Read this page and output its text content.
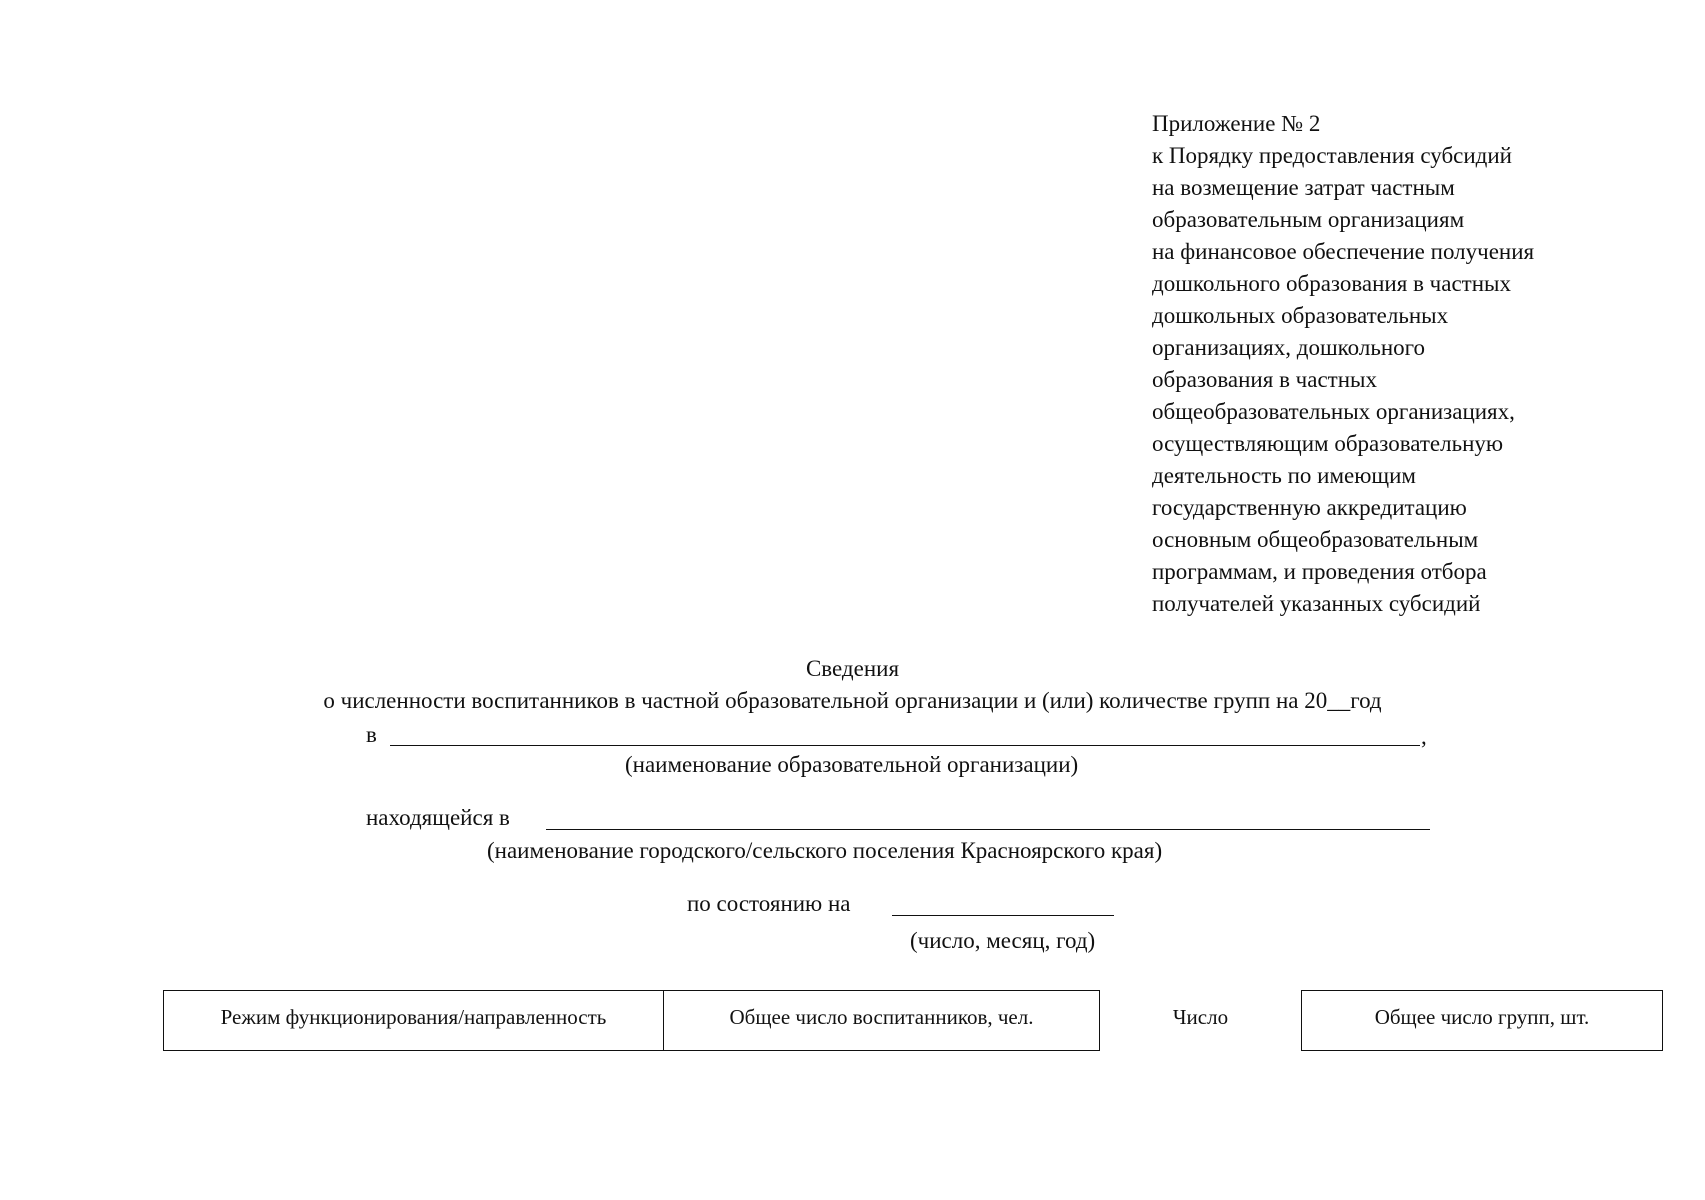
Приложение № 2
к Порядку предоставления субсидий
на возмещение затрат частным
образовательным организациям
на финансовое обеспечение получения
дошкольного образования в частных
дошкольных образовательных
организациях, дошкольного
образования в частных
общеобразовательных организациях,
осуществляющим образовательную
деятельность по имеющим
государственную аккредитацию
основным общеобразовательным
программам, и проведения отбора
получателей указанных субсидий
Сведения
о численности воспитанников в частной образовательной организации и (или) количестве групп на 20__год
в	,
(наименование образовательной организации)
находящейся в
(наименование городского/сельского поселения Красноярского края)
по состоянию на
(число, месяц, год)
Режим функционирования/направленность	Общее число воспитанников, чел.	Число	Общее число групп, шт.
